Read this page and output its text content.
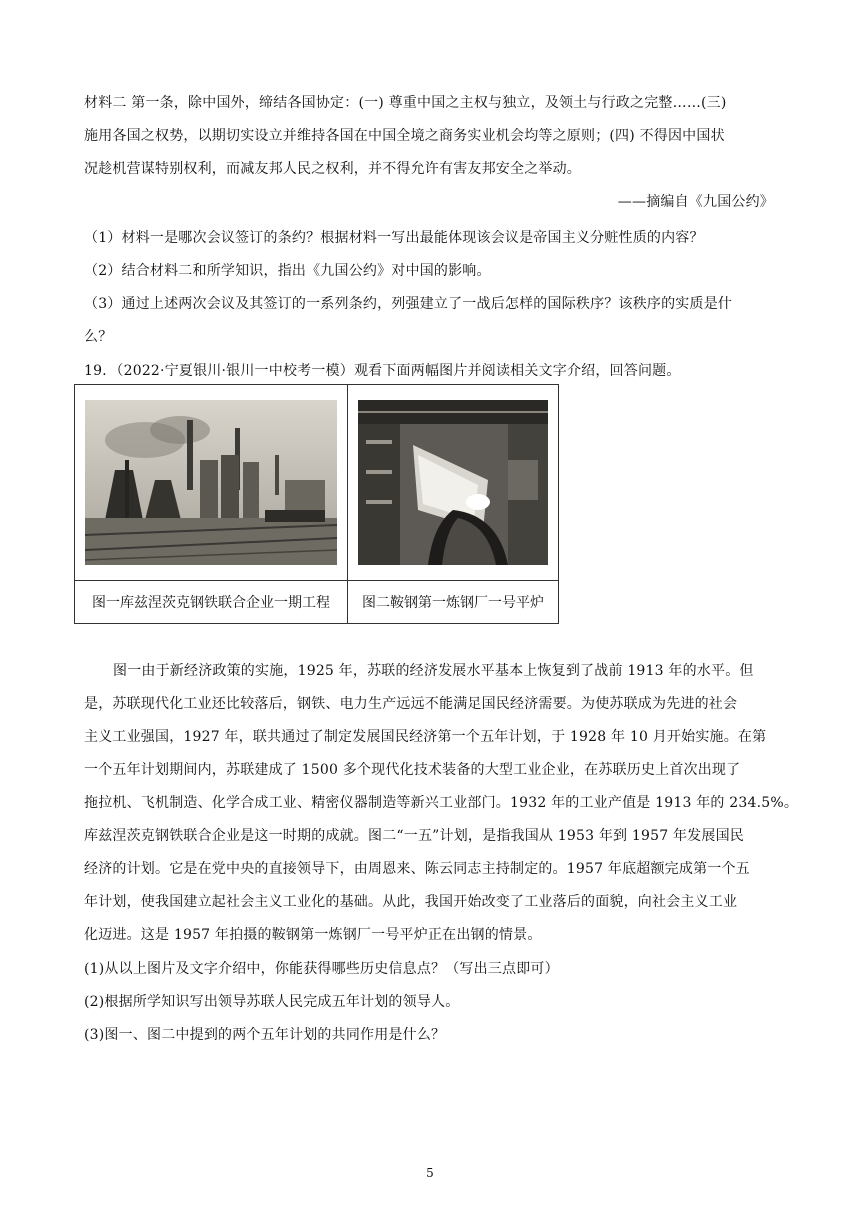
材料二 第一条，除中国外，缔结各国协定：(一) 尊重中国之主权与独立，及领土与行政之完整……(三)
施用各国之权势，以期切实设立并维持各国在中国全境之商务实业机会均等之原则；(四) 不得因中国状
况趁机营谋特别权利，而减友邦人民之权利，并不得允许有害友邦安全之举动。
——摘编自《九国公约》
（1）材料一是哪次会议签订的条约？根据材料一写出最能体现该会议是帝国主义分赃性质的内容？
（2）结合材料二和所学知识，指出《九国公约》对中国的影响。
（3）通过上述两次会议及其签订的一系列条约，列强建立了一战后怎样的国际秩序？该秩序的实质是什
么？
19．（2022·宁夏银川·银川一中校考一模）观看下面两幅图片并阅读相关文字介绍，回答问题。

图一库兹涅茨克钢铁联合企业一期工程	图二鞍钢第一炼钢厂一号平炉
图一由于新经济政策的实施，1925 年，苏联的经济发展水平基本上恢复到了战前 1913 年的水平。但
是，苏联现代化工业还比较落后，钢铁、电力生产远远不能满足国民经济需要。为使苏联成为先进的社会
主义工业强国，1927 年，联共通过了制定发展国民经济第一个五年计划，于 1928 年 10 月开始实施。在第
一个五年计划期间内，苏联建成了 1500 多个现代化技术装备的大型工业企业，在苏联历史上首次出现了
拖拉机、飞机制造、化学合成工业、精密仪器制造等新兴工业部门。1932 年的工业产值是 1913 年的 234.5%。
库兹涅茨克钢铁联合企业是这一时期的成就。图二“一五”计划，是指我国从 1953 年到 1957 年发展国民
经济的计划。它是在党中央的直接领导下，由周恩来、陈云同志主持制定的。1957 年底超额完成第一个五
年计划，使我国建立起社会主义工业化的基础。从此，我国开始改变了工业落后的面貌，向社会主义工业
化迈进。这是 1957 年拍摄的鞍钢第一炼钢厂一号平炉正在出钢的情景。
(1)从以上图片及文字介绍中，你能获得哪些历史信息点？（写出三点即可）
(2)根据所学知识写出领导苏联人民完成五年计划的领导人。
(3)图一、图二中提到的两个五年计划的共同作用是什么？
5
